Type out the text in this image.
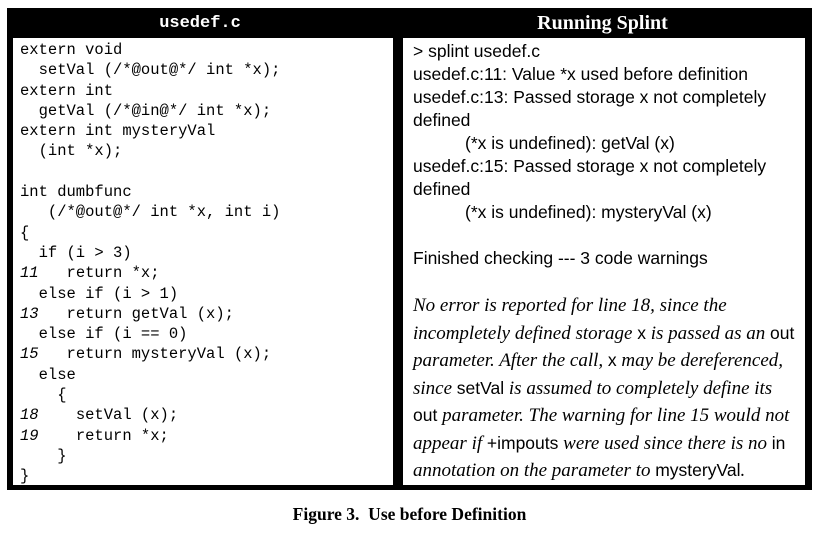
usedef.c	Running Splint
extern void
setVal (/*@out@*/ int *x);
extern int
getVal (/*@in@*/ int *x);
extern int mysteryVal
(int *x);

int dumbfunc
(/*@out@*/ int *x, int i)
{
if (i > 3)
11   return *x;
else if (i > 1)
13   return getVal (x);
else if (i == 0)
15   return mysteryVal (x);
else
{
18    setVal (x);
19    return *x;
}
}
> splint usedef.c
usedef.c:11: Value *x used before definition
usedef.c:13: Passed storage x not completely
defined
(*x is undefined): getVal (x)
usedef.c:15: Passed storage x not completely
defined
(*x is undefined): mysteryVal (x)

Finished checking --- 3 code warnings
No error is reported for line 18, since the incompletely defined storage x is passed as an out parameter. After the call, x may be dereferenced, since setVal is assumed to completely define its out parameter. The warning for line 15 would not appear if +impouts were used since there is no in annotation on the parameter to mysteryVal.
Figure 3.  Use before Definition
